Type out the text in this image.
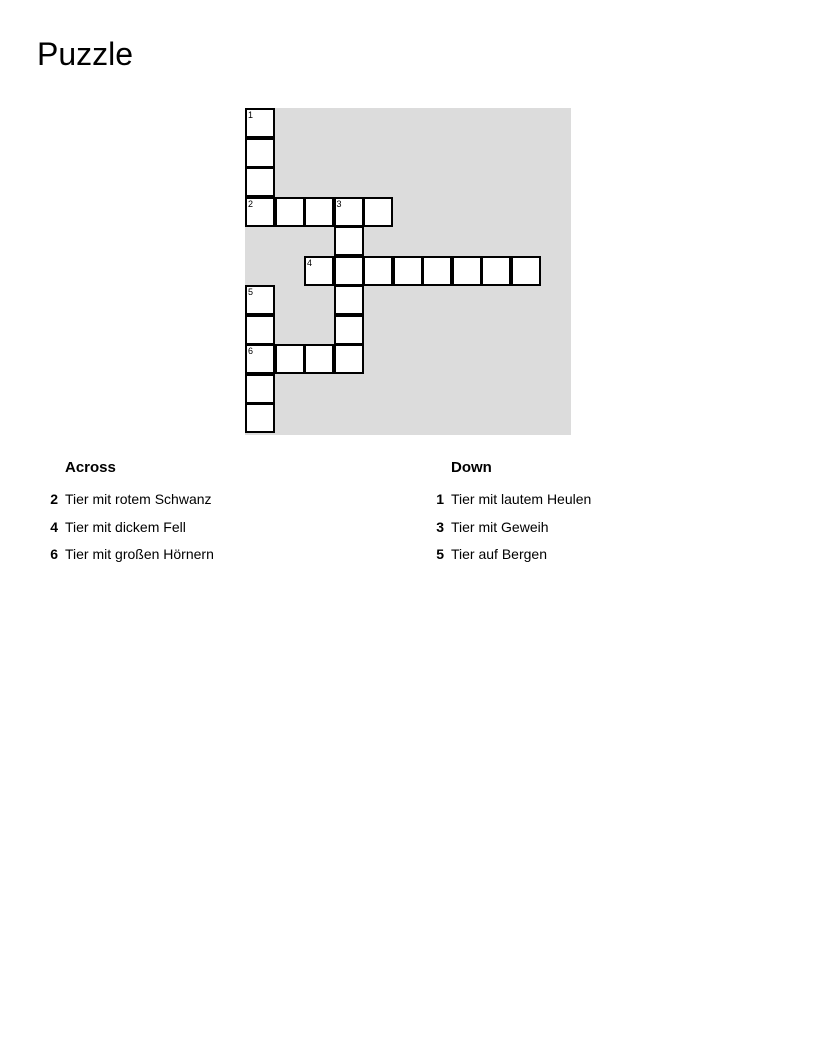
Puzzle
1
2	3
4
5
6
Across
2 Tier mit rotem Schwanz
4 Tier mit dickem Fell
6 Tier mit großen Hörnern
Down
1 Tier mit lautem Heulen
3 Tier mit Geweih
5 Tier auf Bergen
